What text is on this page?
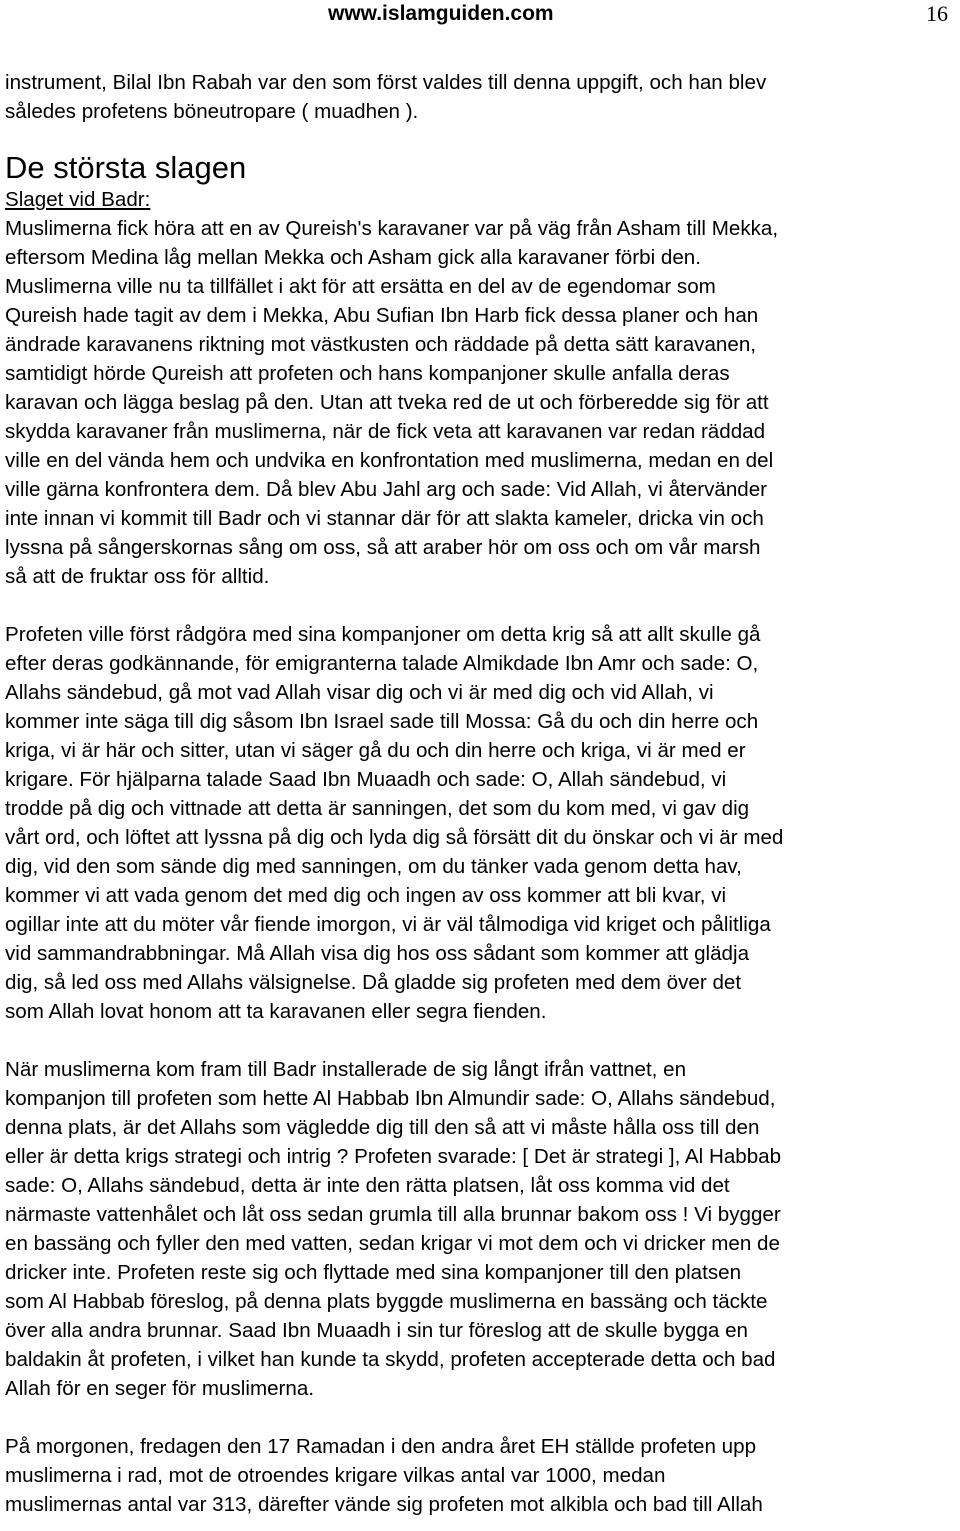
www.islamguiden.com	16
instrument, Bilal Ibn Rabah var den som först valdes till denna uppgift, och han blev
således profetens böneutropare ( muadhen ).
De största slagen
Slaget vid Badr:
Muslimerna fick höra att en av Qureish's karavaner var på väg från Asham till Mekka,
eftersom Medina låg mellan Mekka och Asham gick alla karavaner förbi den.
Muslimerna ville nu ta tillfället i akt för att ersätta en del av de egendomar som
Qureish hade tagit av dem i Mekka, Abu Sufian Ibn Harb fick dessa planer och han
ändrade karavanens riktning mot västkusten och räddade på detta sätt karavanen,
samtidigt hörde Qureish att profeten och hans kompanjoner skulle anfalla deras
karavan och lägga beslag på den. Utan att tveka red de ut och förberedde sig för att
skydda karavaner från muslimerna, när de fick veta att karavanen var redan räddad
ville en del vända hem och undvika en konfrontation med muslimerna, medan en del
ville gärna konfrontera dem. Då blev Abu Jahl arg och sade: Vid Allah, vi återvänder
inte innan vi kommit till Badr och vi stannar där för att slakta kameler, dricka vin och
lyssna på sångerskornas sång om oss, så att araber hör om oss och om vår marsh
så att de fruktar oss för alltid.
Profeten ville först rådgöra med sina kompanjoner om detta krig så att allt skulle gå
efter deras godkännande, för emigranterna talade Almikdade Ibn Amr och sade: O,
Allahs sändebud, gå mot vad Allah visar dig och vi är med dig och vid Allah, vi
kommer inte säga till dig såsom Ibn Israel sade till Mossa: Gå du och din herre och
kriga, vi är här och sitter, utan vi säger gå du och din herre och kriga, vi är med er
krigare. För hjälparna talade Saad Ibn Muaadh och sade: O, Allah sändebud, vi
trodde på dig och vittnade att detta är sanningen, det som du kom med, vi gav dig
vårt ord, och löftet att lyssna på dig och lyda dig så försätt dit du önskar och vi är med
dig, vid den som sände dig med sanningen, om du tänker vada genom detta hav,
kommer vi att vada genom det med dig och ingen av oss kommer att bli kvar, vi
ogillar inte att du möter vår fiende imorgon, vi är väl tålmodiga vid kriget och pålitliga
vid sammandrabbningar. Må Allah visa dig hos oss sådant som kommer att glädja
dig, så led oss med Allahs välsignelse. Då gladde sig profeten med dem över det
som Allah lovat honom att ta karavanen eller segra fienden.
När muslimerna kom fram till Badr installerade de sig långt ifrån vattnet, en
kompanjon till profeten som hette Al Habbab Ibn Almundir sade: O, Allahs sändebud,
denna plats, är det Allahs som vägledde dig till den så att vi måste hålla oss till den
eller är detta krigs strategi och intrig ? Profeten svarade: [ Det är strategi ], Al Habbab
sade: O, Allahs sändebud, detta är inte den rätta platsen, låt oss komma vid det
närmaste vattenhålet och låt oss sedan grumla till alla brunnar bakom oss ! Vi bygger
en bassäng och fyller den med vatten, sedan krigar vi mot dem och vi dricker men de
dricker inte. Profeten reste sig och flyttade med sina kompanjoner till den platsen
som Al Habbab föreslog, på denna plats byggde muslimerna en bassäng och täckte
över alla andra brunnar. Saad Ibn Muaadh i sin tur föreslog att de skulle bygga en
baldakin åt profeten, i vilket han kunde ta skydd, profeten accepterade detta och bad
Allah för en seger för muslimerna.
På morgonen, fredagen den 17 Ramadan i den andra året EH ställde profeten upp
muslimerna i rad, mot de otroendes krigare vilkas antal var 1000, medan
muslimernas antal var 313, därefter vände sig profeten mot alkibla och bad till Allah
